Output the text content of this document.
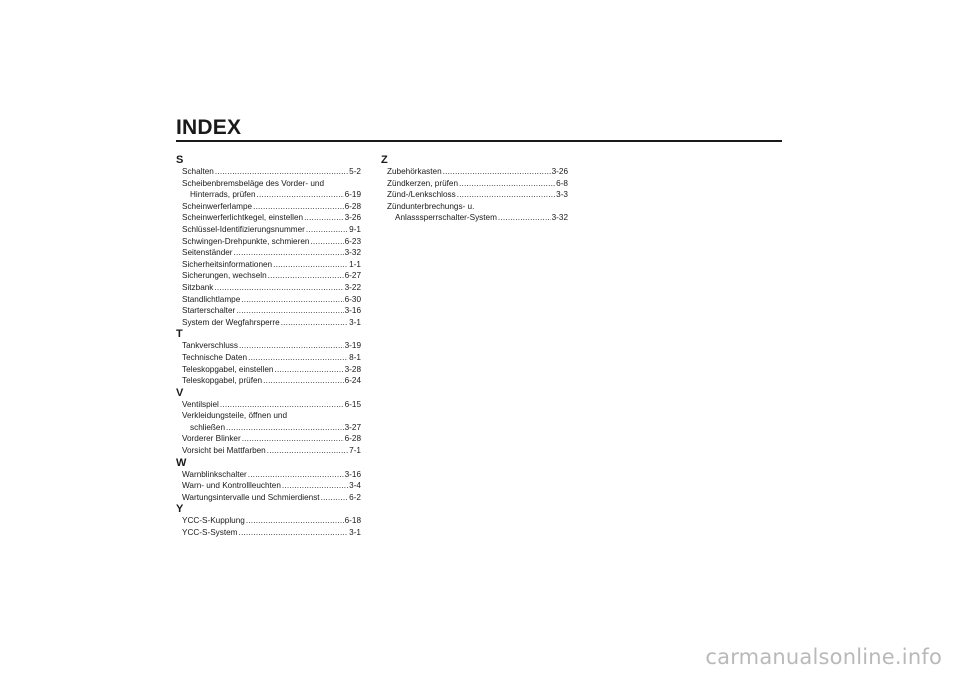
INDEX
S
Schalten .....	5-2
Scheibenbremsbeläge des Vorder- und
Hinterrads, prüfen .....	6-19
Scheinwerferlampe .....	6-28
Scheinwerferlichtkegel, einstellen .....	3-26
Schlüssel-Identifizierungsnummer .....	9-1
Schwingen-Drehpunkte, schmieren .....	6-23
Seitenständer .....	3-32
Sicherheitsinformationen .....	1-1
Sicherungen, wechseln .....	6-27
Sitzbank .....	3-22
Standlichtlampe .....	6-30
Starterschalter .....	3-16
System der Wegfahrsperre .....	3-1
T
Tankverschluss .....	3-19
Technische Daten .....	8-1
Teleskopgabel, einstellen .....	3-28
Teleskopgabel, prüfen .....	6-24
V
Ventilspiel .....	6-15
Verkleidungsteile, öffnen und
schließen .....	3-27
Vorderer Blinker .....	6-28
Vorsicht bei Mattfarben .....	7-1
W
Warnblinkschalter .....	3-16
Warn- und Kontrollleuchten .....	3-4
Wartungsintervalle und Schmierdienst .....	6-2
Y
YCC-S-Kupplung .....	6-18
YCC-S-System .....	3-1
Z
Zubehörkasten .....	3-26
Zündkerzen, prüfen .....	6-8
Zünd-/Lenkschloss .....	3-3
Zündunterbrechungs- u.
Anlasssperrschalter-System .....	3-32
carmanualsonline.info
